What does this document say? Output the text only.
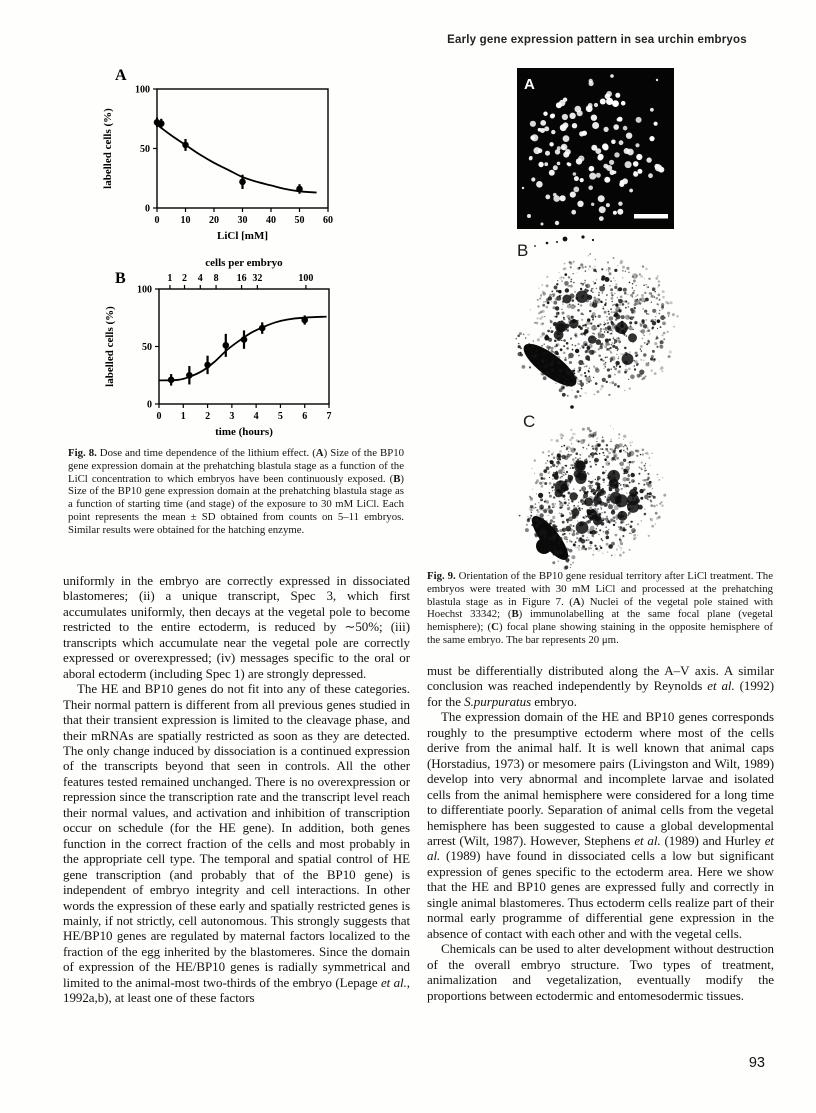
Early gene expression pattern in sea urchin embryos
0 10 20 30 40 50 60
0
50
100
LiCl [mM]
labelled cells (%)
A
0 1 2 3 4 5 6 7
0
50
100
1 2 4 8 16 32	100
cells per embryo
time (hours)
labelled cells (%)
B
Fig. 8. Dose and time dependence of the lithium effect. (A) Size of the BP10 gene expression domain at the prehatching blastula stage as a function of the LiCl concentration to which embryos have been continuously exposed. (B) Size of the BP10 gene expression domain at the prehatching blastula stage as a function of starting time (and stage) of the exposure to 30 mM LiCl. Each point represents the mean ± SD obtained from counts on 5–11 embryos. Similar results were obtained for the hatching enzyme.
A
B
C
Fig. 9. Orientation of the BP10 gene residual territory after LiCl treatment. The embryos were treated with 30 mM LiCl and processed at the prehatching blastula stage as in Figure 7. (A) Nuclei of the vegetal pole stained with Hoechst 33342; (B) immunolabelling at the same focal plane (vegetal hemisphere); (C) focal plane showing staining in the opposite hemisphere of the same embryo. The bar represents 20 μm.

uniformly in the embryo are correctly expressed in dissociated blastomeres; (ii) a unique transcript, Spec 3, which first accumulates uniformly, then decays at the vegetal pole to become restricted to the entire ectoderm, is reduced by ∼50%; (iii) transcripts which accumulate near the vegetal pole are correctly expressed or overexpressed; (iv) messages specific to the oral or aboral ectoderm (including Spec 1) are strongly depressed.

The HE and BP10 genes do not fit into any of these categories. Their normal pattern is different from all previous genes studied in that their transient expression is limited to the cleavage phase, and their mRNAs are spatially restricted as soon as they are detected. The only change induced by dissociation is a continued expression of the transcripts beyond that seen in controls. All the other features tested remained unchanged. There is no overexpression or repression since the transcription rate and the transcript level reach their normal values, and activation and inhibition of transcription occur on schedule (for the HE gene). In addition, both genes function in the correct fraction of the cells and most probably in the appropriate cell type. The temporal and spatial control of HE gene transcription (and probably that of the BP10 gene) is independent of embryo integrity and cell interactions. In other words the expression of these early and spatially restricted genes is mainly, if not strictly, cell autonomous. This strongly suggests that HE/BP10 genes are regulated by maternal factors localized to the fraction of the egg inherited by the blastomeres. Since the domain of expression of the HE/BP10 genes is radially symmetrical and limited to the animal-most two-thirds of the embryo (Lepage et al., 1992a,b), at least one of these factors

must be differentially distributed along the A–V axis. A similar conclusion was reached independently by Reynolds et al. (1992) for the S.purpuratus embryo.

The expression domain of the HE and BP10 genes corresponds roughly to the presumptive ectoderm where most of the cells derive from the animal half. It is well known that animal caps (Horstadius, 1973) or mesomere pairs (Livingston and Wilt, 1989) develop into very abnormal and incomplete larvae and isolated cells from the animal hemisphere were considered for a long time to differentiate poorly. Separation of animal cells from the vegetal hemisphere has been suggested to cause a global developmental arrest (Wilt, 1987). However, Stephens et al. (1989) and Hurley et al. (1989) have found in dissociated cells a low but significant expression of genes specific to the ectoderm area. Here we show that the HE and BP10 genes are expressed fully and correctly in single animal blastomeres. Thus ectoderm cells realize part of their normal early programme of differential gene expression in the absence of contact with each other and with the vegetal cells.

Chemicals can be used to alter development without destruction of the overall embryo structure. Two types of treatment, animalization and vegetalization, eventually modify the proportions between ectodermic and entomesodermic tissues.

93
